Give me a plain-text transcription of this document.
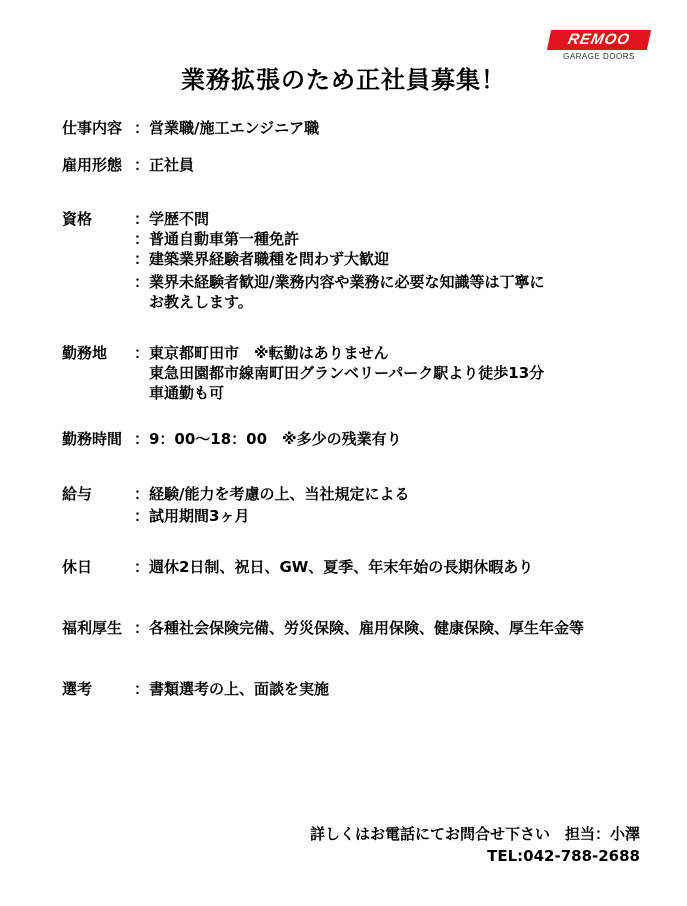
REMOO
GARAGE DOORS
業務拡張のため正社員募集！
仕事内容 ：営業職/施工エンジニア職
雇用形態 ：正社員
資格	：学歴不問
：普通自動車第一種免許
：建築業界経験者職種を問わず大歓迎
：業界未経験者歓迎/業務内容や業務に必要な知識等は丁寧に
　お教えします。
勤務地 ：東京都町田市　※転勤はありません
　東急田園都市線南町田グランベリーパーク駅より徒歩13分
　車通勤も可
勤務時間 ：9：00～18：00　※多少の残業有り
給与	：経験/能力を考慮の上、当社規定による
：試用期間3ヶ月
休日	：週休2日制、祝日、GW、夏季、年末年始の長期休暇あり
福利厚生 ：各種社会保険完備、労災保険、雇用保険、健康保険、厚生年金等
選考	：書類選考の上、面談を実施
詳しくはお電話にてお問合せ下さい　担当：小澤
TEL:042-788-2688
